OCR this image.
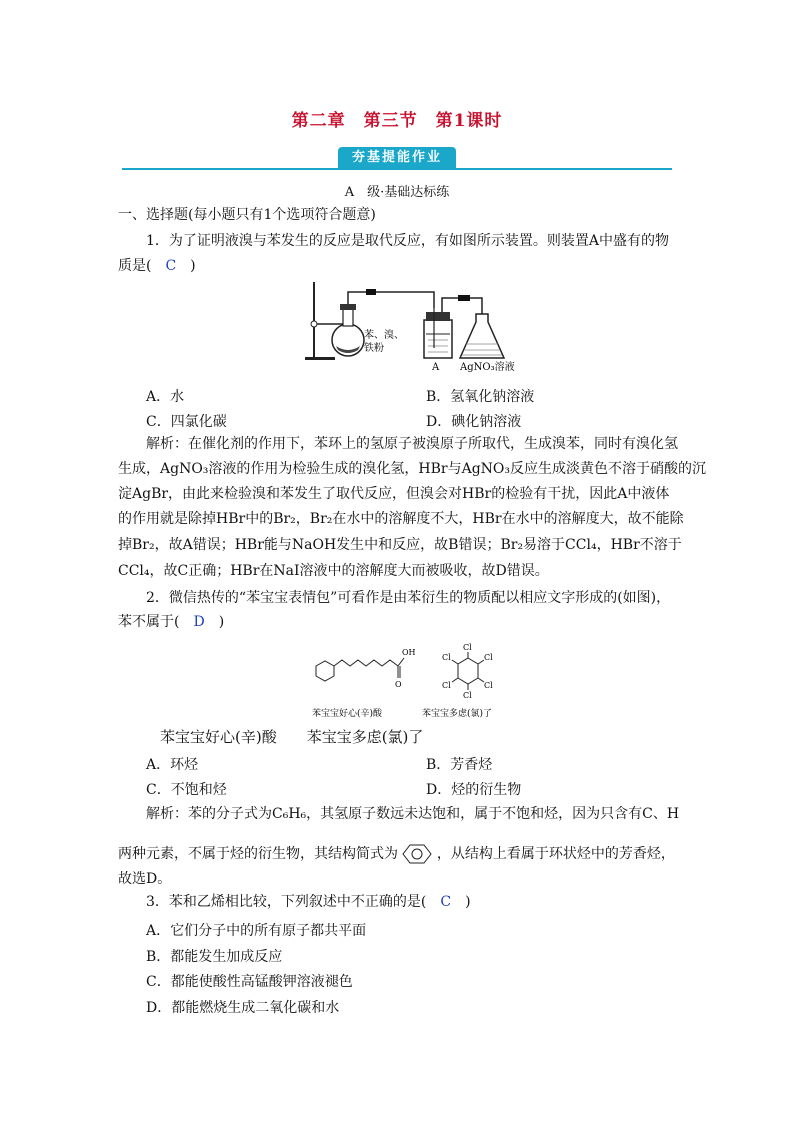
第二章　第三节　第1课时
夯基提能作业
A　级·基础达标练
一、选择题(每小题只有1个选项符合题意)
1．为了证明液溴与苯发生的反应是取代反应，有如图所示装置。则装置A中盛有的物
质是(　C　)
苯、溴、
铁粉
A AgNO₃溶液
A．水	B．氢氧化钠溶液
C．四氯化碳	D．碘化钠溶液
解析：在催化剂的作用下，苯环上的氢原子被溴原子所取代，生成溴苯，同时有溴化氢
生成，AgNO₃溶液的作用为检验生成的溴化氢，HBr与AgNO₃反应生成淡黄色不溶于硝酸的沉
淀AgBr，由此来检验溴和苯发生了取代反应，但溴会对HBr的检验有干扰，因此A中液体
的作用就是除掉HBr中的Br₂，Br₂在水中的溶解度不大，HBr在水中的溶解度大，故不能除
掉Br₂，故A错误；HBr能与NaOH发生中和反应，故B错误；Br₂易溶于CCl₄，HBr不溶于
CCl₄，故C正确；HBr在NaI溶液中的溶解度大而被吸收，故D错误。
2．微信热传的“苯宝宝表情包”可看作是由苯衍生的物质配以相应文字形成的(如图)，
苯不属于(　D　)
OH
O
Cl
Cl
Cl
Cl
Cl
Cl
苯宝宝好心(辛)酸	苯宝宝多虑(氯)了
苯宝宝好心(辛)酸　　苯宝宝多虑(氯)了
A．环烃	B．芳香烃
C．不饱和烃	D．烃的衍生物
解析：苯的分子式为C₆H₆，其氢原子数远未达饱和，属于不饱和烃，因为只含有C、H
两种元素，不属于烃的衍生物，其结构简式为	，从结构上看属于环状烃中的芳香烃，
故选D。
3．苯和乙烯相比较，下列叙述中不正确的是(　C　)
A．它们分子中的所有原子都共平面
B．都能发生加成反应
C．都能使酸性高锰酸钾溶液褪色
D．都能燃烧生成二氧化碳和水
